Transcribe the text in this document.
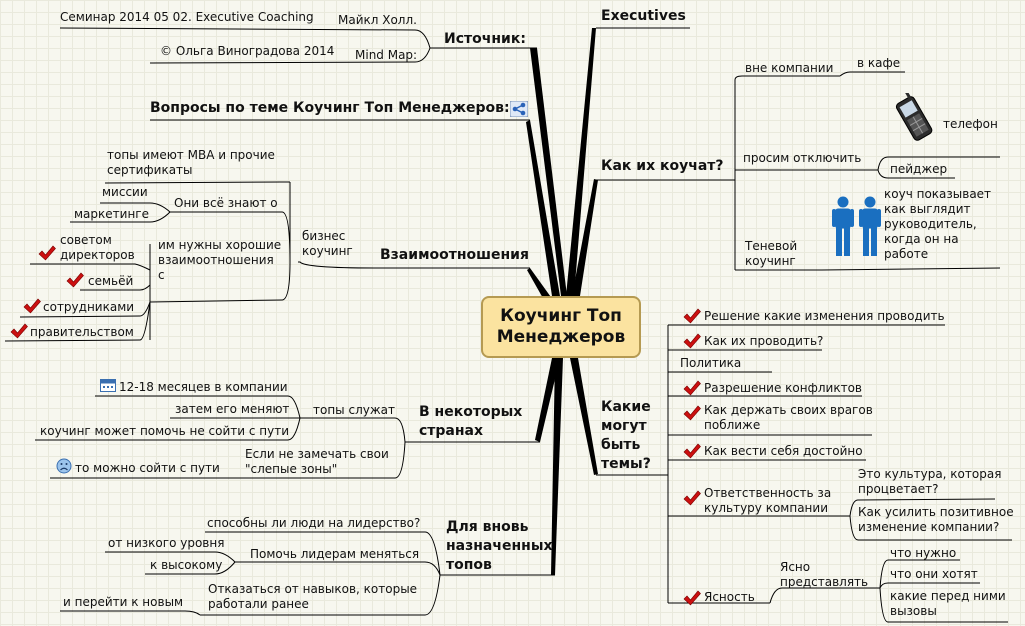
Коучинг Топ
Менеджеров
Источник:
Семинар 2014 05 02. Executive Coaching Майкл Холл.
© Ольга Виноградова 2014 Mind Map:
Вопросы по теме Коучинг Топ Менеджеров:
Взаимоотношения
бизнес коучинг
Они всё знают о
топы имеют MBA и прочие сертификаты
миссии
маркетинге
им нужны хорошие взаимоотношения с
советом директоров
семьёй
сотрудниками
правительством
В некоторых странах
топы служат
12-18 месяцев в компании
затем его меняют
коучинг может помочь не сойти с пути
Если не замечать свои "слепые зоны"
то можно сойти с пути
Для вновь назначенных топов
способны ли люди на лидерство?
Помочь лидерам меняться
от низкого уровня
к высокому
Отказаться от навыков, которые работали ранее
и перейти к новым
Executives
Как их коучат?
вне компании в кафе
просим отключить
телефон
пейджер
Теневой коучинг
коуч показывает как выглядит руководитель, когда он на работе
Какие могут быть темы?
Решение какие изменения проводить
Как их проводить?
Политика
Разрешение конфликтов
Как держать своих врагов поближе
Как вести себя достойно
Ответственность за культуру компании
Это культура, которая процветает?
Как усилить позитивное изменение компании?
Ясность
Ясно представлять
что нужно
что они хотят
какие перед ними вызовы
